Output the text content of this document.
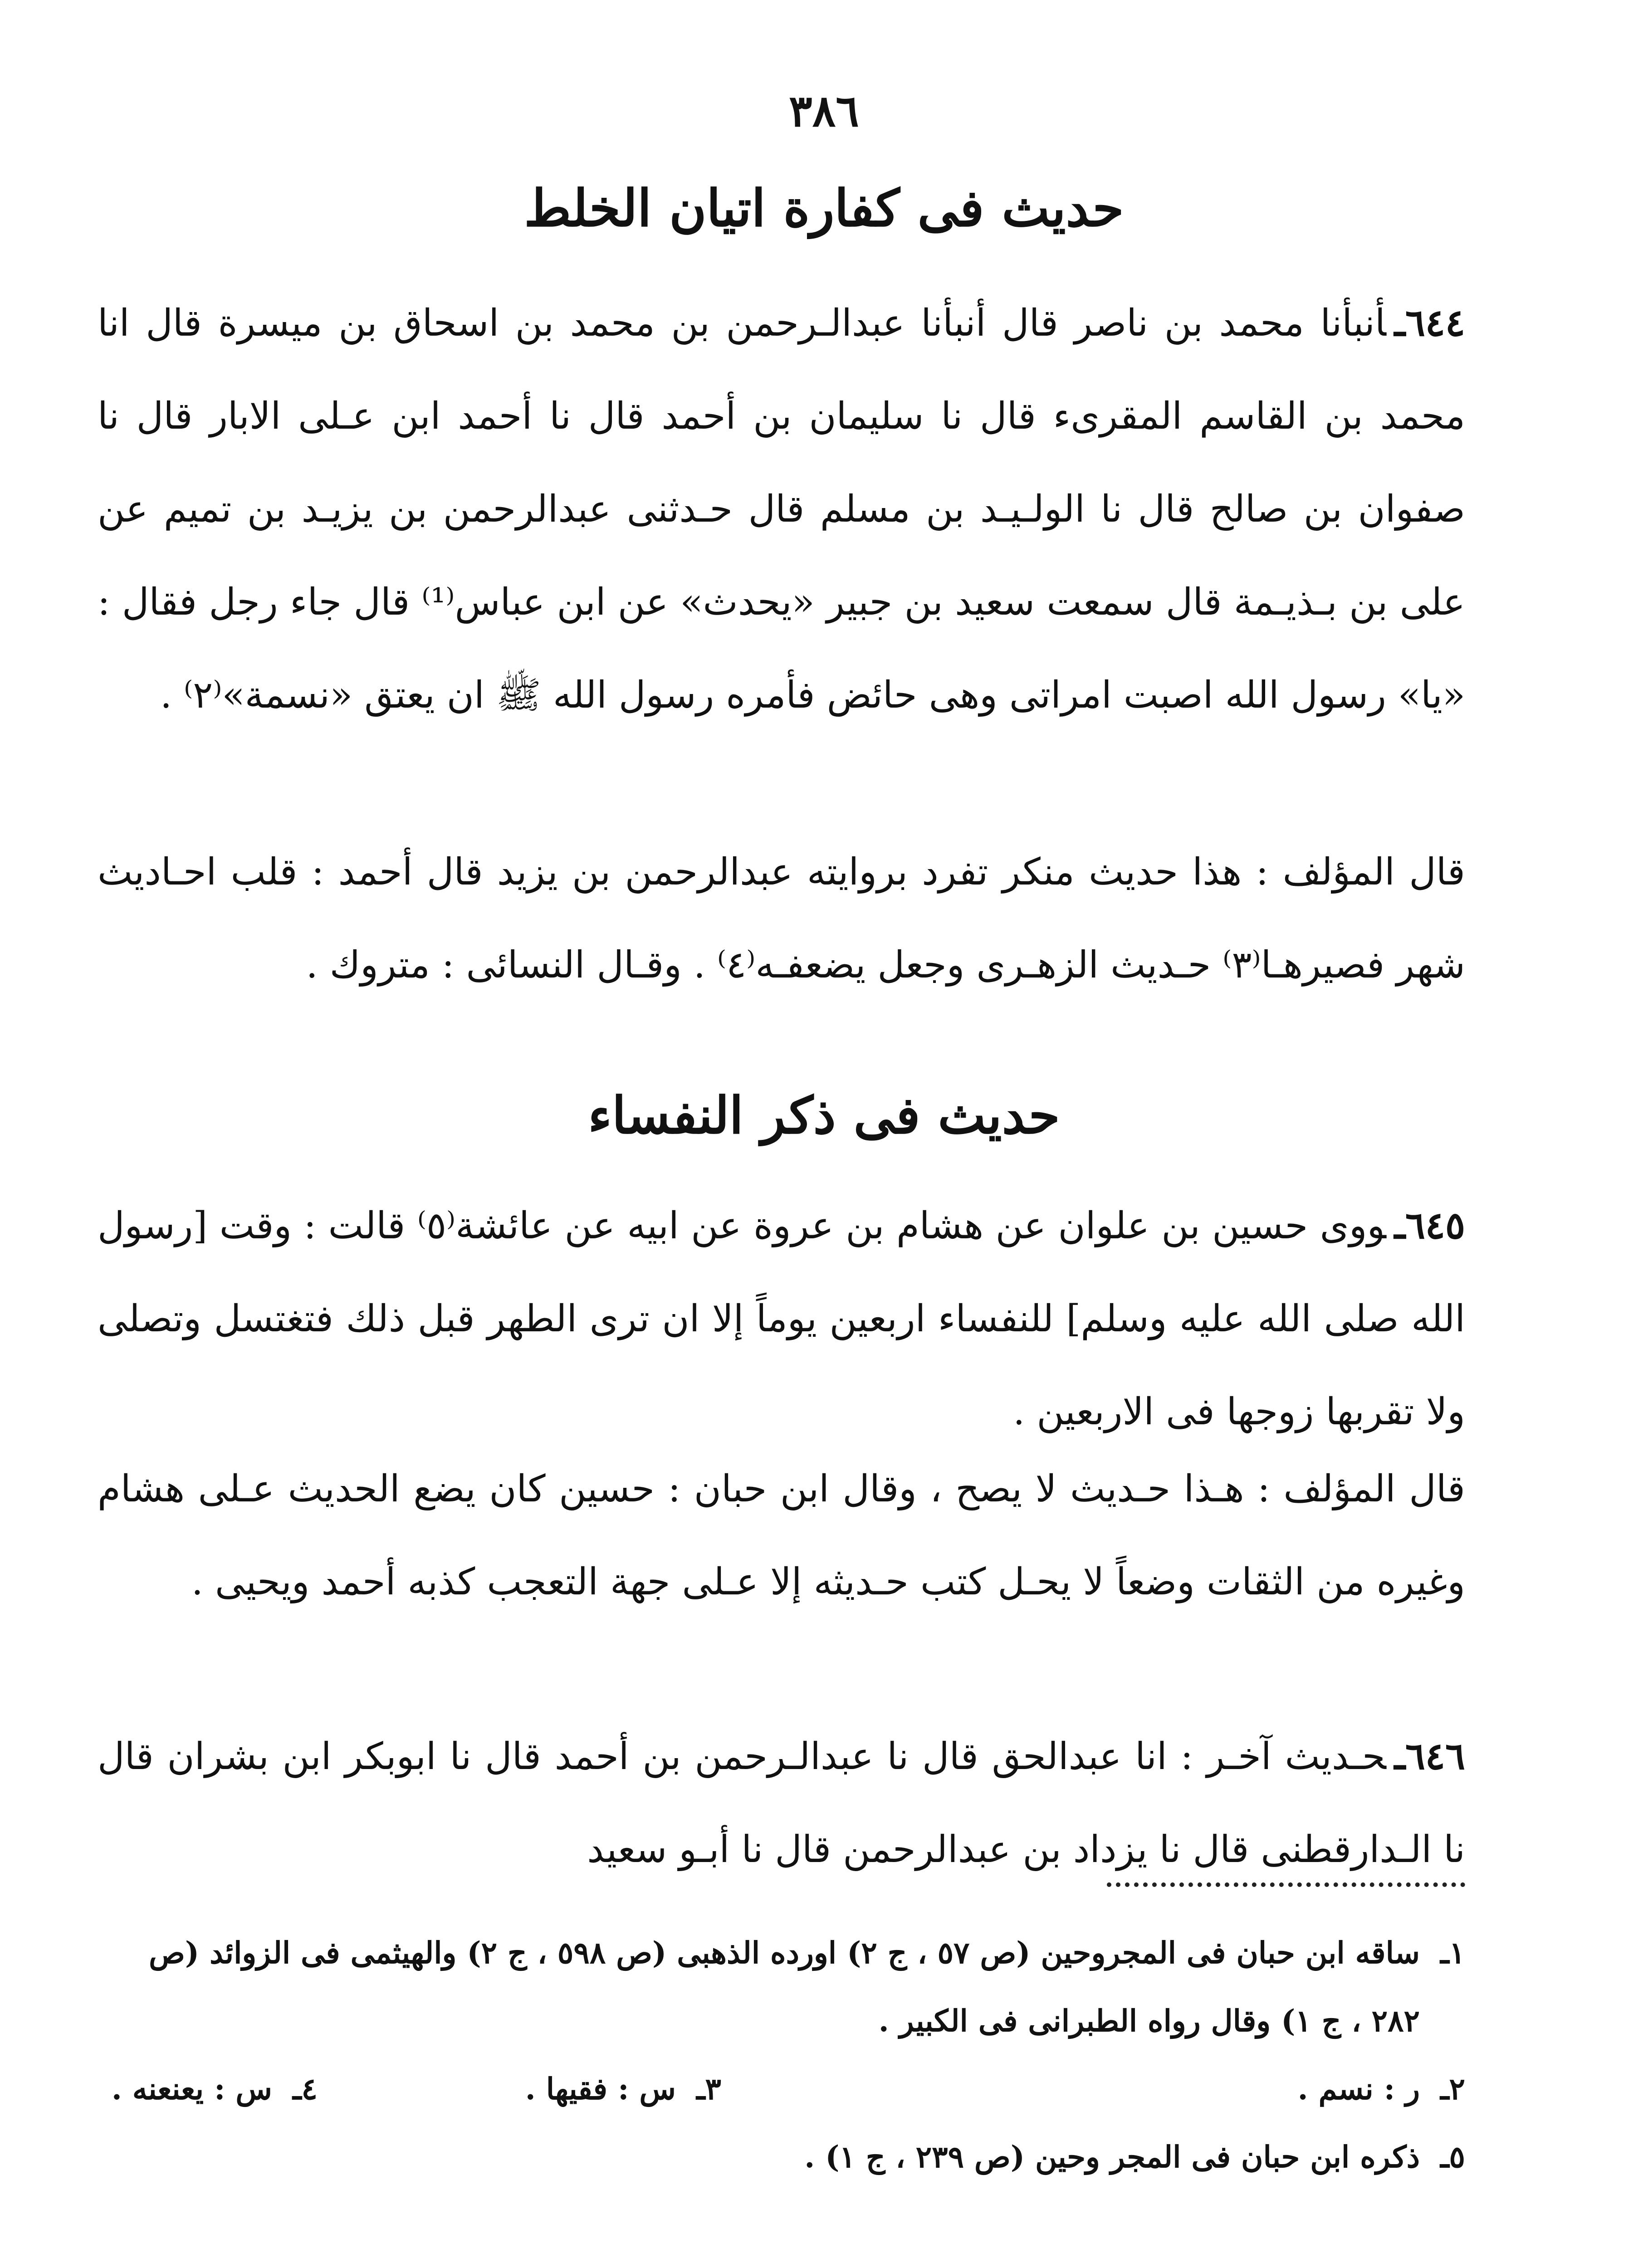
٣٨٦
حديث فى كفارة اتيان الخلط
٦٤٤ـأنبأنا محمد بن ناصر قال أنبأنا عبدالـرحمن بن محمد بن اسحاق بن ميسرة قال انا محمد بن القاسم المقرىء قال نا سليمان بن أحمد قال نا أحمد ابن عـلى الابار قال نا صفوان بن صالح قال نا الولـيـد بن مسلم قال حـدثنى عبدالرحمن بن يزيـد بن تميم عن على بن بـذيـمة قال سمعت سعيد بن جبير «يحدث» عن ابن عباس⁽¹⁾ قال جاء رجل فقال : «يا» رسول الله اصبت امراتى وهى حائض فأمره رسول الله ﷺ ان يعتق «نسمة»⁽٢⁾ .
قال المؤلف : هذا حديث منكر تفرد بروايته عبدالرحمن بن يزيد قال أحمد : قلب احـاديث شهر فصيرهـا⁽٣⁾ حـديث الزهـرى وجعل يضعفـه⁽٤⁾ . وقـال النسائى : متروك .
حديث فى ذكر النفساء
٦٤٥ـووى حسين بن علوان عن هشام بن عروة عن ابيه عن عائشة⁽٥⁾ قالت : وقت [رسول الله صلى الله عليه وسلم] للنفساء اربعين يوماً إلا ان ترى الطهر قبل ذلك فتغتسل وتصلى ولا تقربها زوجها فى الاربعين .
قال المؤلف : هـذا حـديث لا يصح ، وقال ابن حبان : حسين كان يضع الحديث عـلى هشام وغيره من الثقات وضعاً لا يحـل كتب حـديثه إلا عـلى جهة التعجب كذبه أحمد ويحيى .
٦٤٦ـحـديث آخـر : انا عبدالحق قال نا عبدالـرحمن بن أحمد قال نا ابوبكر ابن بشران قال نا الـدارقطنى قال نا يزداد بن عبدالرحمن قال نا أبـو سعيد
١ـ
ساقه ابن حبان فى المجروحين (ص ٥٧ ، ج ٢) اورده الذهبى (ص ٥٩٨ ، ج ٢) والهيثمى فى الزوائد (ص ٢٨٢ ، ج ١) وقال رواه الطبرانى فى الكبير .
٢ـ
ر : نسم .
٣ـ
س : فقيها .
٤ـ
س : يعنعنه .
٥ـ
ذكره ابن حبان فى المجر وحين (ص ٢٣٩ ، ج ١) .
